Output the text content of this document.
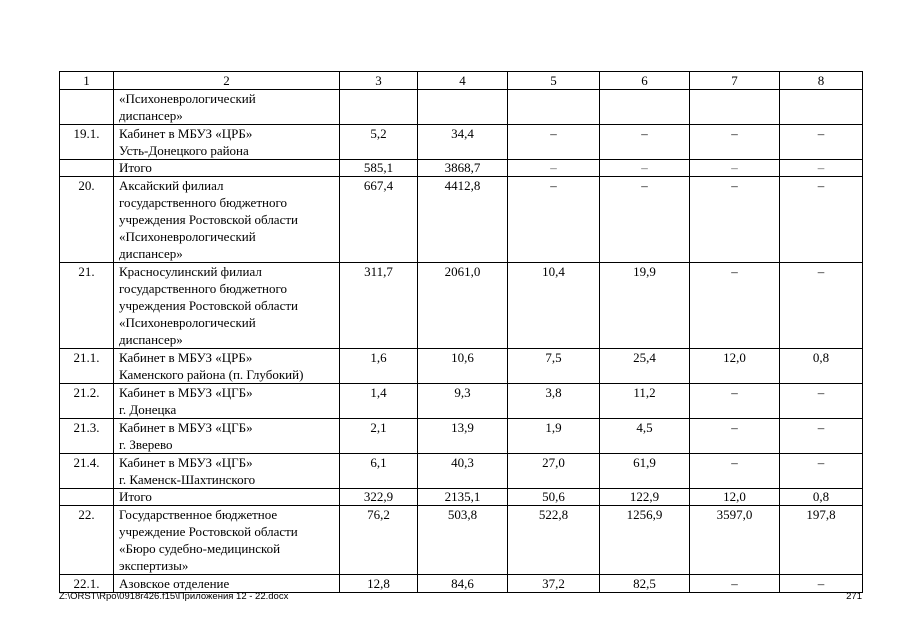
1	2	3	4	5	6	7	8
	«Психоневрологический
диспансер»						
19.1.	Кабинет в МБУЗ «ЦРБ»
Усть-Донецкого района	5,2	34,4	–	–	–	–
	Итого	585,1	3868,7	–	–	–	–
20.	Аксайский филиал
государственного бюджетного
учреждения Ростовской области
«Психоневрологический
диспансер»	667,4	4412,8	–	–	–	–
21.	Красносулинский филиал
государственного бюджетного
учреждения Ростовской области
«Психоневрологический
диспансер»	311,7	2061,0	10,4	19,9	–	–
21.1.	Кабинет в МБУЗ «ЦРБ»
Каменского района (п. Глубокий)	1,6	10,6	7,5	25,4	12,0	0,8
21.2.	Кабинет в МБУЗ «ЦГБ»
г. Донецка	1,4	9,3	3,8	11,2	–	–
21.3.	Кабинет в МБУЗ «ЦГБ»
г. Зверево	2,1	13,9	1,9	4,5	–	–
21.4.	Кабинет в МБУЗ «ЦГБ»
г. Каменск-Шахтинского	6,1	40,3	27,0	61,9	–	–
	Итого	322,9	2135,1	50,6	122,9	12,0	0,8
22.	Государственное бюджетное
учреждение Ростовской области
«Бюро судебно-медицинской
экспертизы»	76,2	503,8	522,8	1256,9	3597,0	197,8
22.1.	Азовское отделение	12,8	84,6	37,2	82,5	–	–
Z:\ORST\Rpo\0918r426.f15\Приложения 12 - 22.docx	271
